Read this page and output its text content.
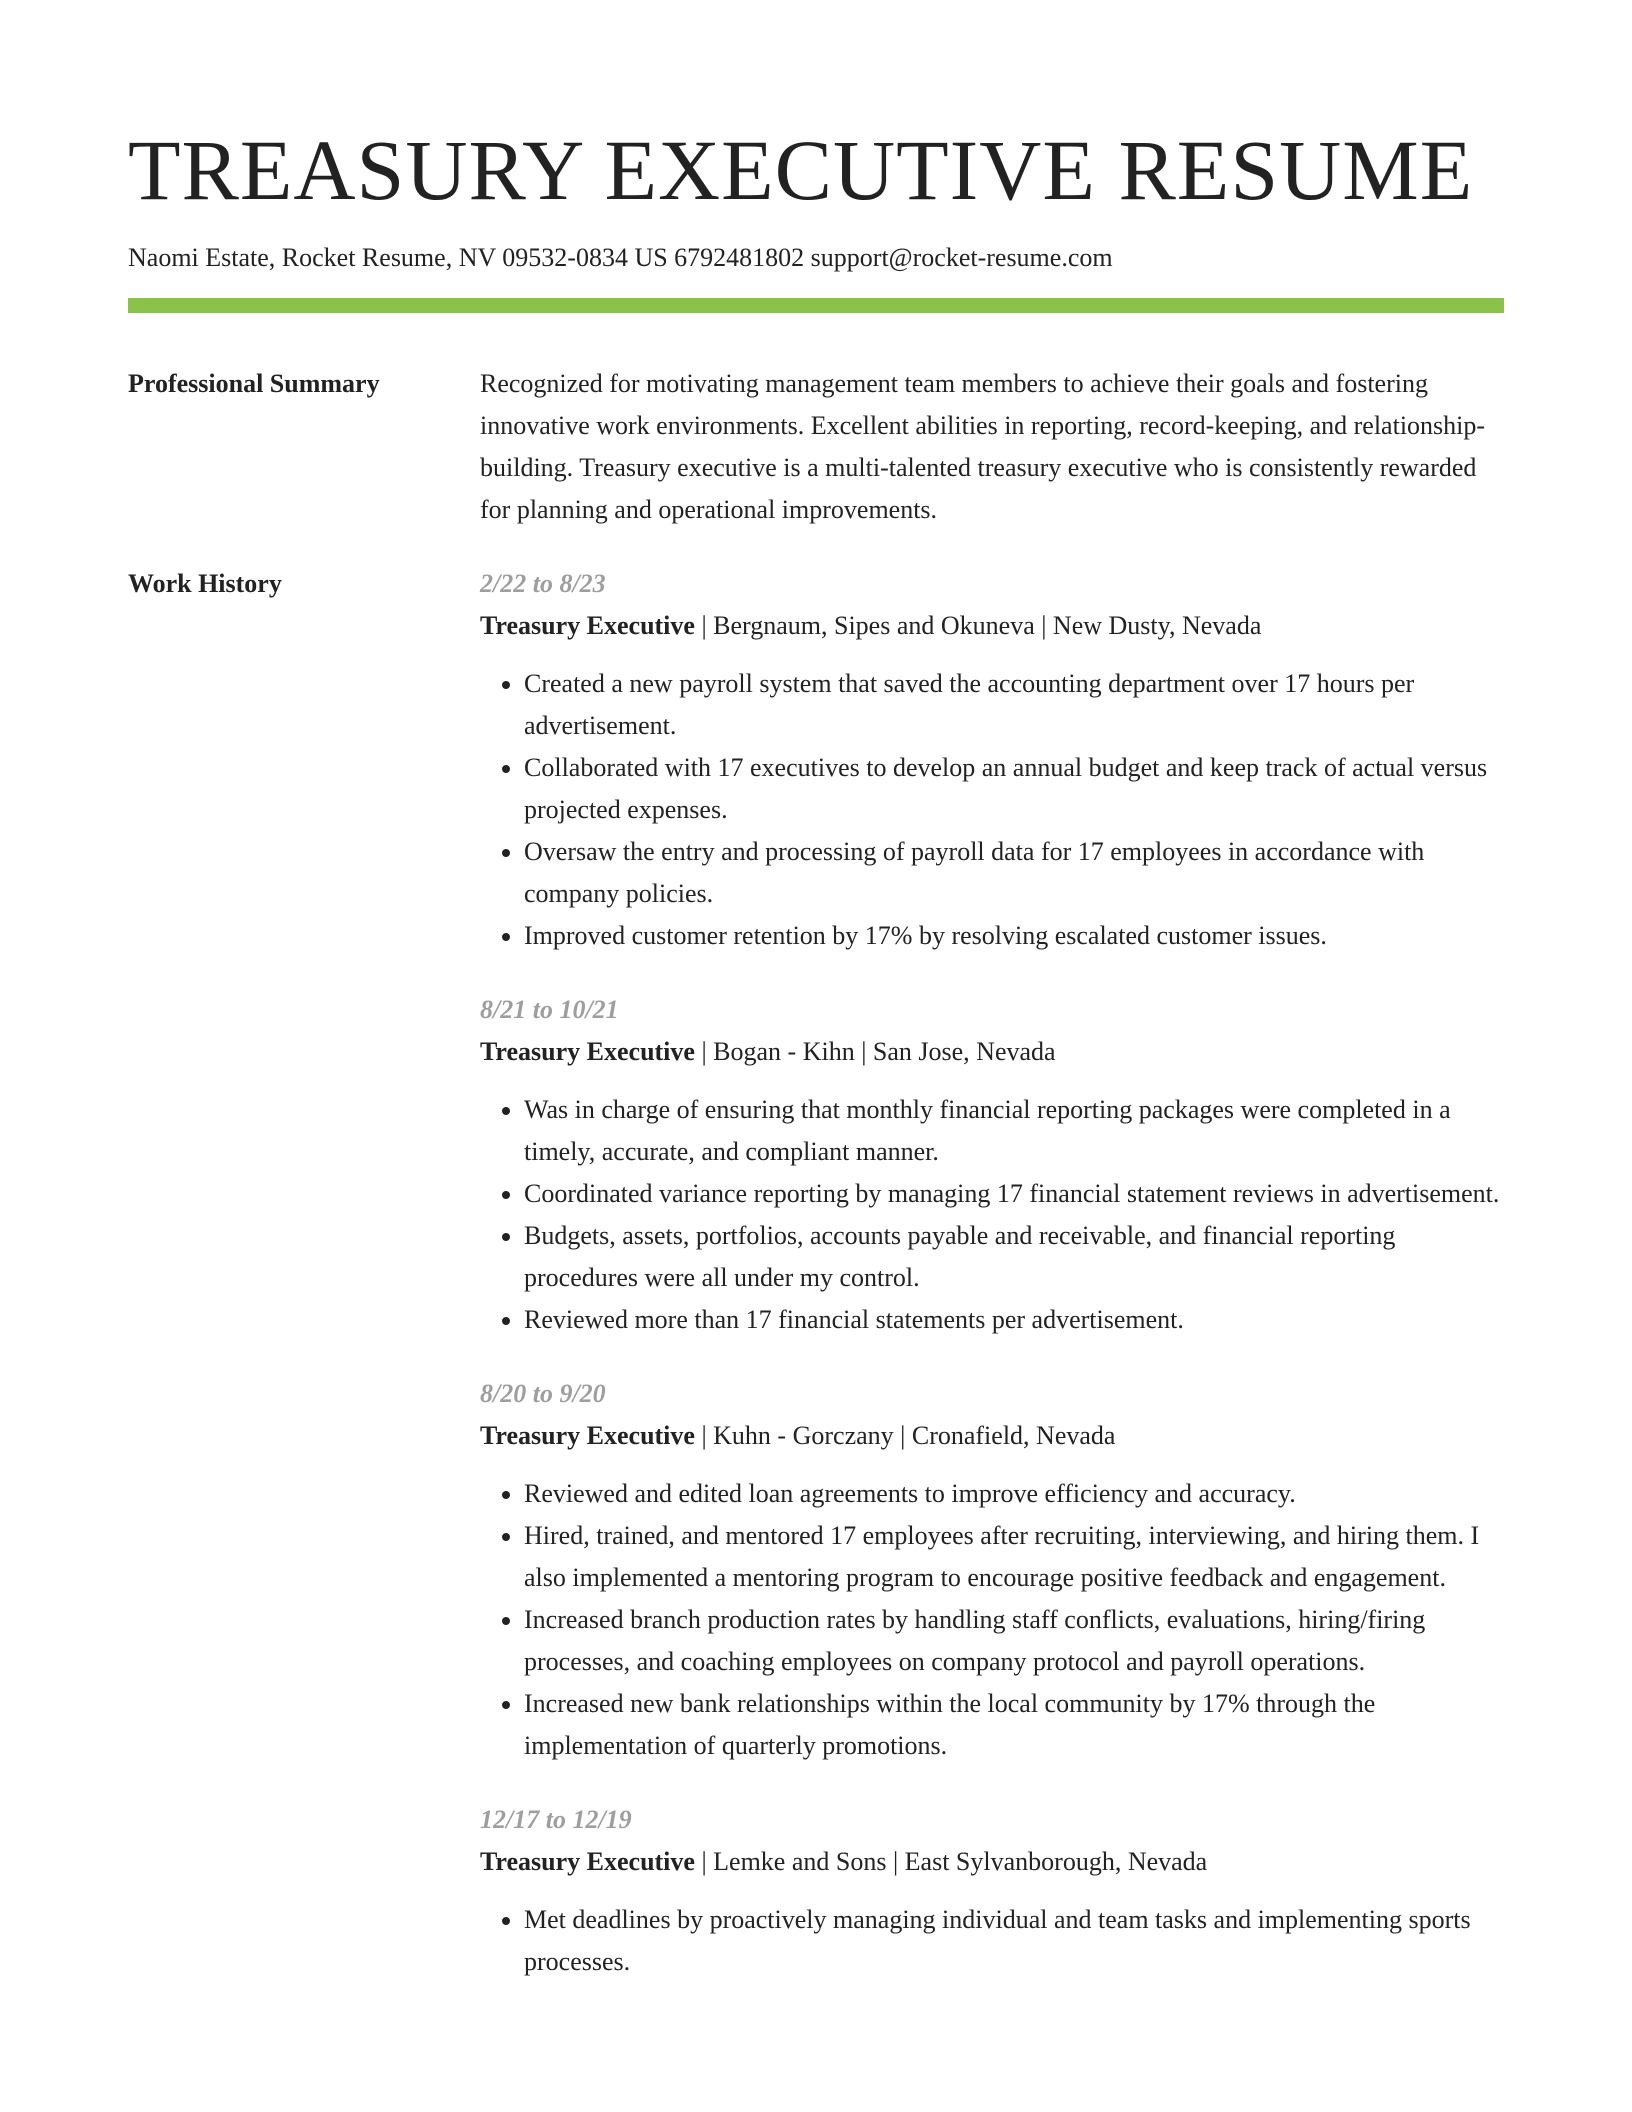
TREASURY EXECUTIVE RESUME
Naomi Estate, Rocket Resume, NV 09532-0834 US 6792481802 support@rocket-resume.com
Professional Summary	Recognized for motivating management team members to achieve their goals and fostering innovative work environments. Excellent abilities in reporting, record-keeping, and relationship-building. Treasury executive is a multi-talented treasury executive who is consistently rewarded for planning and operational improvements.

Work History	2/22 to 8/23
Treasury Executive | Bergnaum, Sipes and Okuneva | New Dusty, Nevada
• Created a new payroll system that saved the accounting department over 17 hours per advertisement.
• Collaborated with 17 executives to develop an annual budget and keep track of actual versus projected expenses.
• Oversaw the entry and processing of payroll data for 17 employees in accordance with company policies.
• Improved customer retention by 17% by resolving escalated customer issues.
8/21 to 10/21
Treasury Executive | Bogan - Kihn | San Jose, Nevada
• Was in charge of ensuring that monthly financial reporting packages were completed in a timely, accurate, and compliant manner.
• Coordinated variance reporting by managing 17 financial statement reviews in advertisement.
• Budgets, assets, portfolios, accounts payable and receivable, and financial reporting procedures were all under my control.
• Reviewed more than 17 financial statements per advertisement.
8/20 to 9/20
Treasury Executive | Kuhn - Gorczany | Cronafield, Nevada
• Reviewed and edited loan agreements to improve efficiency and accuracy.
• Hired, trained, and mentored 17 employees after recruiting, interviewing, and hiring them. I also implemented a mentoring program to encourage positive feedback and engagement.
• Increased branch production rates by handling staff conflicts, evaluations, hiring/firing processes, and coaching employees on company protocol and payroll operations.
• Increased new bank relationships within the local community by 17% through the implementation of quarterly promotions.
12/17 to 12/19
Treasury Executive | Lemke and Sons | East Sylvanborough, Nevada
• Met deadlines by proactively managing individual and team tasks and implementing sports processes.
